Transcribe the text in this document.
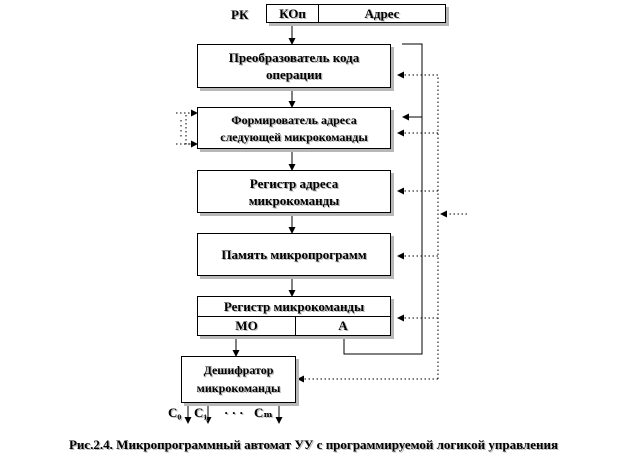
РК	КОп	Адрес
Преобразователь кода
операции
Формирователь адреса
следующей микрокоманды
Регистр адреса
микрокоманды
Память микропрограмм
Регистр микрокоманды
МО	А
Дешифратор
микрокоманды
C₀ C₁ · · · Cₘ
Рис.2.4. Микропрограммный автомат УУ с программируемой логикой управления
